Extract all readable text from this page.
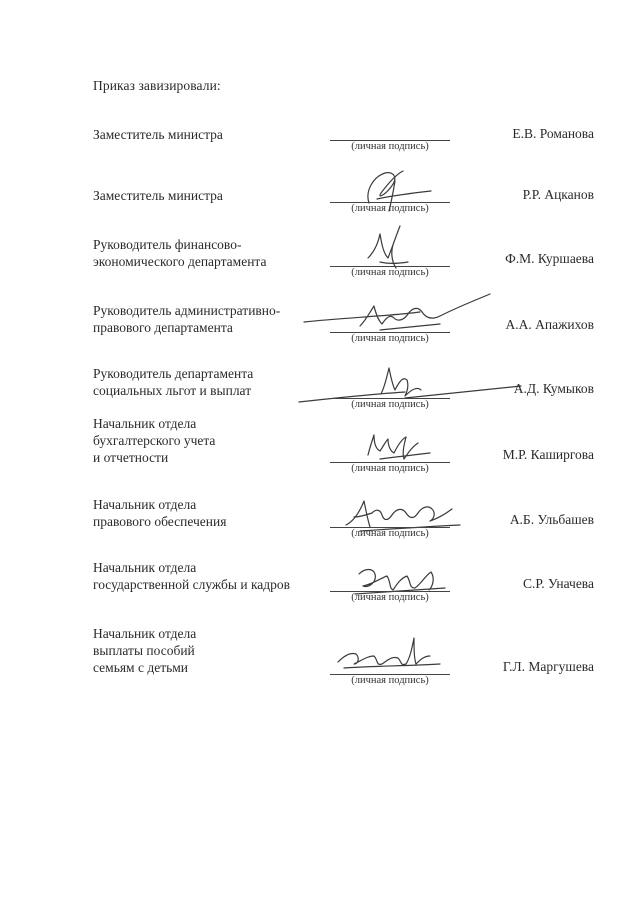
Приказ завизировали:
Заместитель министра
(личная подпись)
Е.В. Романова
Заместитель министра
(личная подпись)
Р.Р. Ацканов
Руководитель финансово-
экономического департамента
(личная подпись)
Ф.М. Куршаева
Руководитель административно-
правового департамента
(личная подпись)
А.А. Апажихов
Руководитель департамента
социальных льгот и выплат
(личная подпись)
А.Д. Кумыков
Начальник отдела
бухгалтерского учета
и отчетности
(личная подпись)
М.Р. Каширгова
Начальник отдела
правового обеспечения
(личная подпись)
А.Б. Ульбашев
Начальник отдела
государственной службы и кадров
(личная подпись)
С.Р. Уначева
Начальник отдела
выплаты пособий
семьям с детьми
(личная подпись)
Г.Л. Маргушева
